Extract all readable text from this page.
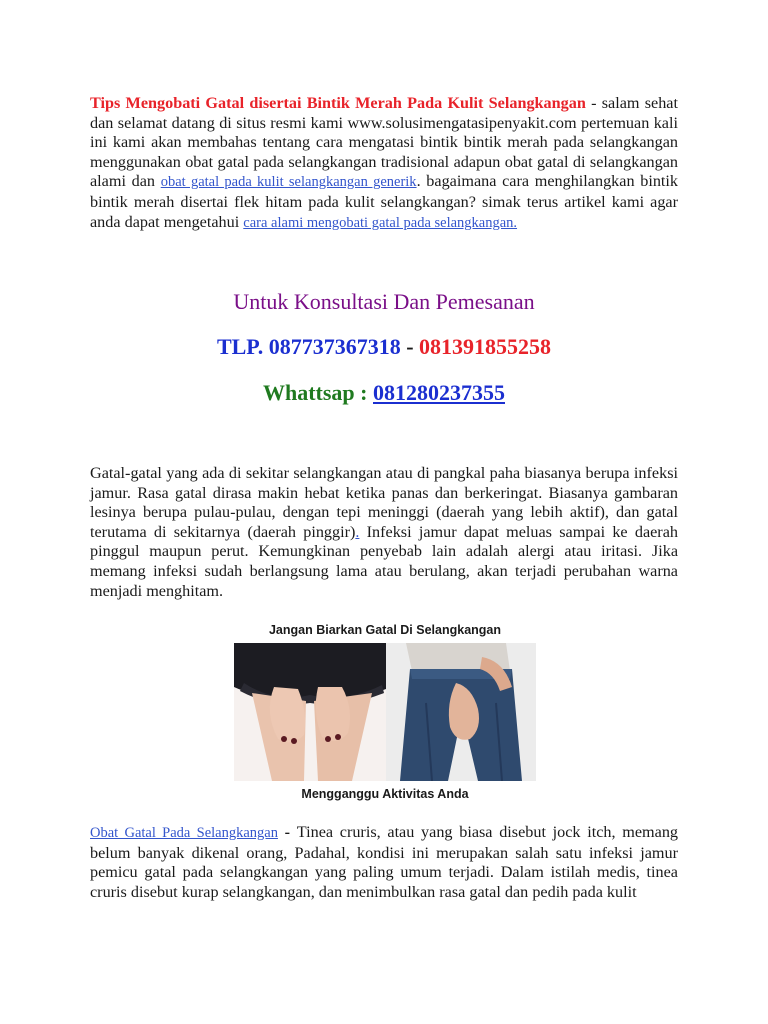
Tips Mengobati Gatal disertai Bintik Merah Pada Kulit Selangkangan - salam sehat dan selamat datang di situs resmi kami www.solusimengatasipenyakit.com pertemuan kali ini kami akan membahas tentang cara mengatasi bintik bintik merah pada selangkangan menggunakan obat gatal pada selangkangan tradisional adapun obat gatal di selangkangan alami dan obat gatal pada kulit selangkangan generik. bagaimana cara menghilangkan bintik bintik merah disertai flek hitam pada kulit selangkangan? simak terus artikel kami agar anda dapat mengetahui cara alami mengobati gatal pada selangkangan.

Untuk Konsultasi Dan Pemesanan

TLP. 087737367318 - 081391855258

Whattsap : 081280237355

Gatal-gatal yang ada di sekitar selangkangan atau di pangkal paha biasanya berupa infeksi jamur. Rasa gatal dirasa makin hebat ketika panas dan berkeringat. Biasanya gambaran lesinya berupa pulau-pulau, dengan tepi meninggi (daerah yang lebih aktif), dan gatal terutama di sekitarnya (daerah pinggir). Infeksi jamur dapat meluas sampai ke daerah pinggul maupun perut. Kemungkinan penyebab lain adalah alergi atau iritasi. Jika memang infeksi sudah berlangsung lama atau berulang, akan terjadi perubahan warna menjadi menghitam.

Jangan Biarkan Gatal Di Selangkangan
Mengganggu Aktivitas Anda

Obat Gatal Pada Selangkangan - Tinea cruris, atau yang biasa disebut jock itch, memang belum banyak dikenal orang, Padahal, kondisi ini merupakan salah satu infeksi jamur pemicu gatal pada selangkangan yang paling umum terjadi. Dalam istilah medis, tinea cruris disebut kurap selangkangan, dan menimbulkan rasa gatal dan pedih pada kulit
